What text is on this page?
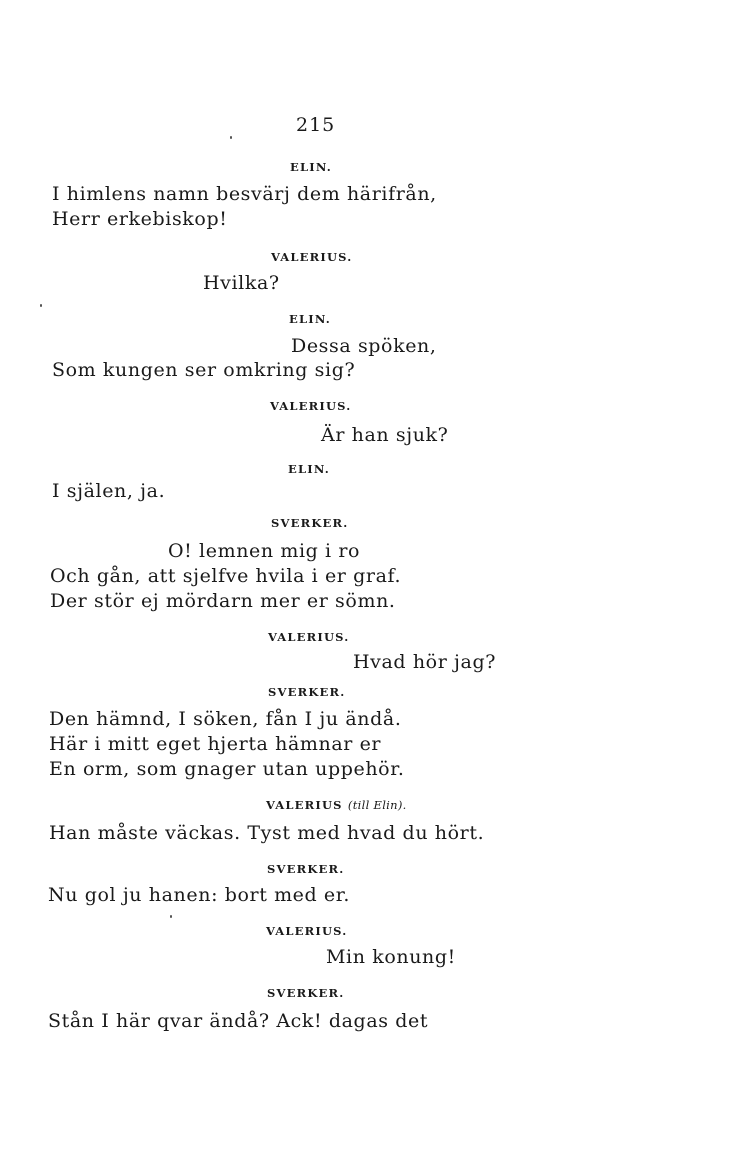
215
ELIN.
I himlens namn besvärj dem härifrån,
Herr erkebiskop!
VALERIUS.
Hvilka?
ELIN.
Dessa spöken,
Som kungen ser omkring sig?
VALERIUS.
Är han sjuk?
ELIN.
I själen, ja.
SVERKER.
O! lemnen mig i ro
Och gån, att sjelfve hvila i er graf.
Der stör ej mördarn mer er sömn.
VALERIUS.
Hvad hör jag?
SVERKER.
Den hämnd, I söken, fån I ju ändå.
Här i mitt eget hjerta hämnar er
En orm, som gnager utan uppehör.
VALERIUS (till Elin).
Han måste väckas. Tyst med hvad du hört.
SVERKER.
Nu gol ju hanen: bort med er.
VALERIUS.
Min konung!
SVERKER.
Stån I här qvar ändå? Ack! dagas det
